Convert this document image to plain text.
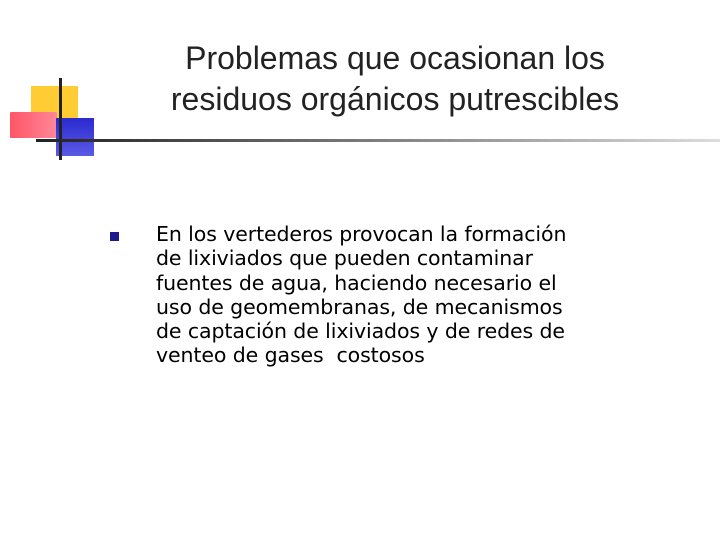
Problemas que ocasionan los
residuos orgánicos putrescibles
En los vertederos provocan la formación
de lixiviados que pueden contaminar
fuentes de agua, haciendo necesario el
uso de geomembranas, de mecanismos
de captación de lixiviados y de redes de
venteo de gases  costosos
